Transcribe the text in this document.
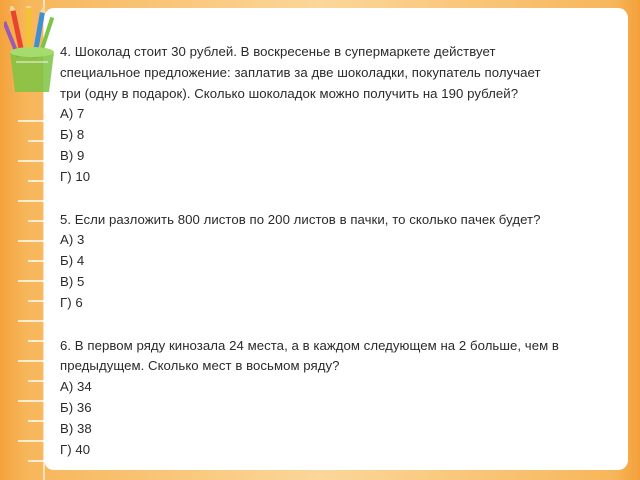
4. Шоколад стоит 30 рублей. В воскресенье в супермаркете действует

специальное предложение: заплатив за две шоколадки, покупатель получает

три (одну в подарок). Сколько шоколадок можно получить на 190 рублей?

А) 7

Б) 8

В) 9

Г) 10

5. Если разложить 800 листов по 200 листов в пачки, то сколько пачек будет?

А) 3

Б) 4

В) 5

Г) 6

6. В первом ряду кинозала 24 места, а в каждом следующем на 2 больше, чем в

предыдущем. Сколько мест в восьмом ряду?

А) 34

Б) 36

В) 38

Г) 40
